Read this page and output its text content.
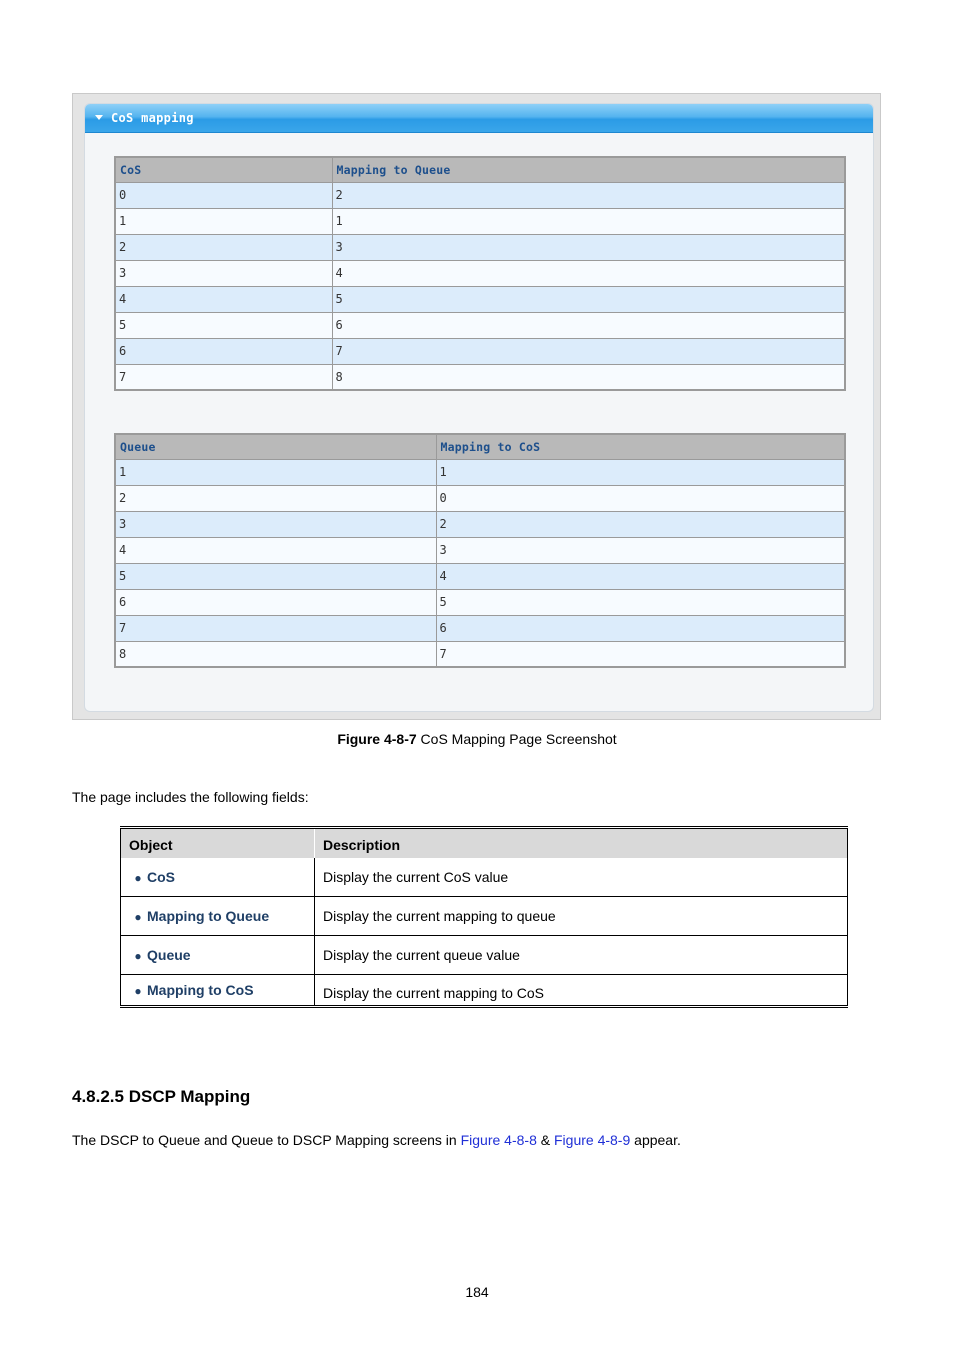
CoS mapping
CoS	Mapping to Queue
0	2
1	1
2	3
3	4
4	5
5	6
6	7
7	8
Queue	Mapping to CoS
1	1
2	0
3	2
4	3
5	4
6	5
7	6
8	7
Figure 4-8-7 CoS Mapping Page Screenshot
The page includes the following fields:
Object	Description
● CoS	Display the current CoS value
● Mapping to Queue	Display the current mapping to queue
● Queue	Display the current queue value
● Mapping to CoS	Display the current mapping to CoS
4.8.2.5 DSCP Mapping
The DSCP to Queue and Queue to DSCP Mapping screens in Figure 4-8-8 & Figure 4-8-9 appear.
184
